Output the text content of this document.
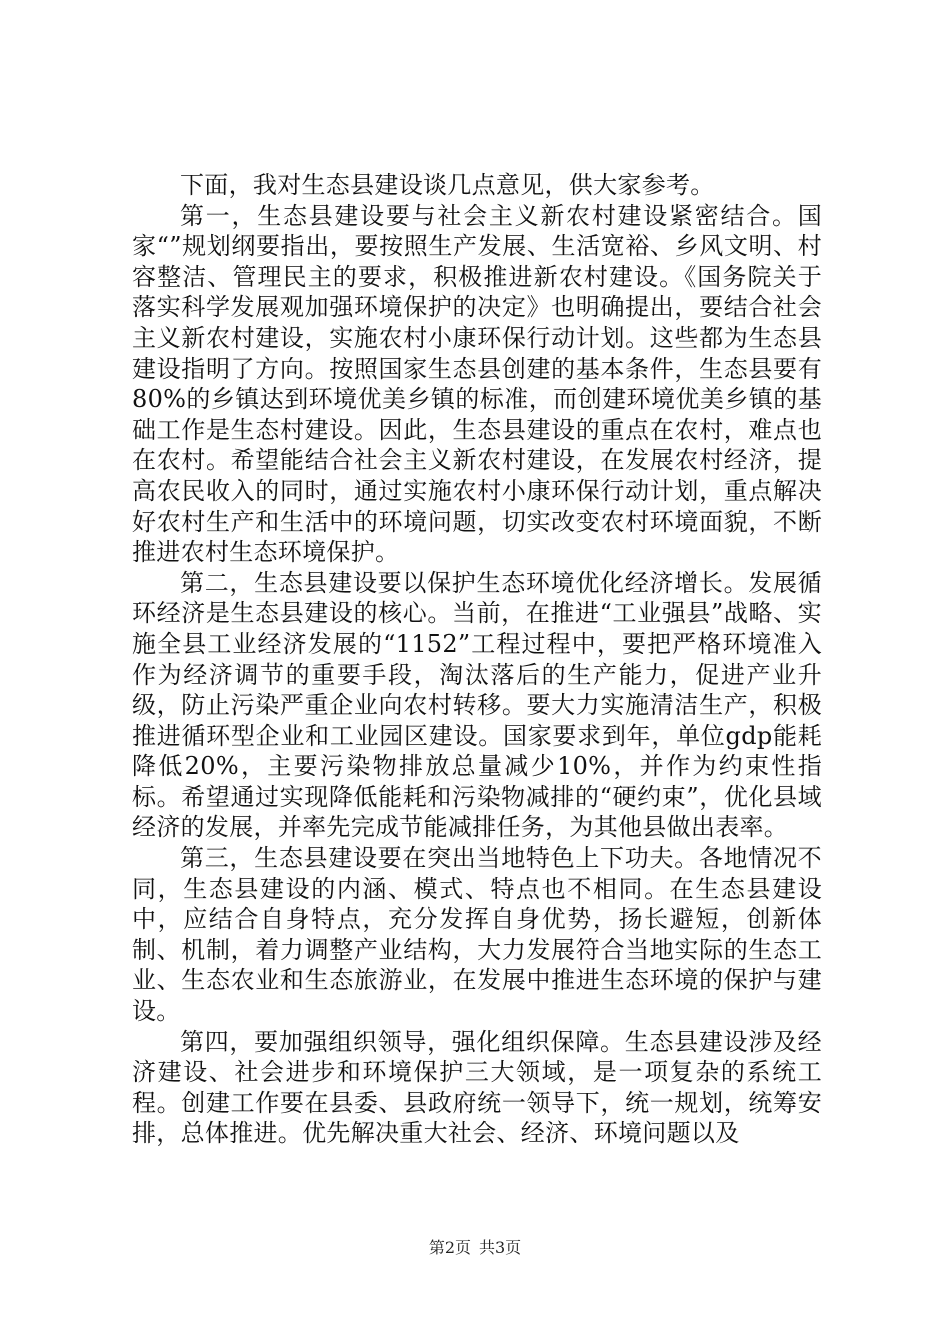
下面，我对生态县建设谈几点意见，供大家参考。

第一，生态县建设要与社会主义新农村建设紧密结合。国家“”规划纲要指出，要按照生产发展、生活宽裕、乡风文明、村容整洁、管理民主的要求，积极推进新农村建设。《国务院关于落实科学发展观加强环境保护的决定》也明确提出，要结合社会主义新农村建设，实施农村小康环保行动计划。这些都为生态县建设指明了方向。按照国家生态县创建的基本条件，生态县要有80%的乡镇达到环境优美乡镇的标准，而创建环境优美乡镇的基础工作是生态村建设。因此，生态县建设的重点在农村，难点也在农村。希望能结合社会主义新农村建设，在发展农村经济，提高农民收入的同时，通过实施农村小康环保行动计划，重点解决好农村生产和生活中的环境问题，切实改变农村环境面貌，不断推进农村生态环境保护。

第二，生态县建设要以保护生态环境优化经济增长。发展循环经济是生态县建设的核心。当前，在推进“工业强县”战略、实施全县工业经济发展的“1152”工程过程中，要把严格环境准入作为经济调节的重要手段，淘汰落后的生产能力，促进产业升级，防止污染严重企业向农村转移。要大力实施清洁生产，积极推进循环型企业和工业园区建设。国家要求到年，单位gdp能耗降低20%，主要污染物排放总量减少10%，并作为约束性指标。希望通过实现降低能耗和污染物减排的“硬约束”，优化县域经济的发展，并率先完成节能减排任务，为其他县做出表率。

第三，生态县建设要在突出当地特色上下功夫。各地情况不同，生态县建设的内涵、模式、特点也不相同。在生态县建设中，应结合自身特点，充分发挥自身优势，扬长避短，创新体制、机制，着力调整产业结构，大力发展符合当地实际的生态工业、生态农业和生态旅游业，在发展中推进生态环境的保护与建设。

第四，要加强组织领导，强化组织保障。生态县建设涉及经济建设、社会进步和环境保护三大领域，是一项复杂的系统工程。创建工作要在县委、县政府统一领导下，统一规划，统筹安排，总体推进。优先解决重大社会、经济、环境问题以及

第2页 共3页
